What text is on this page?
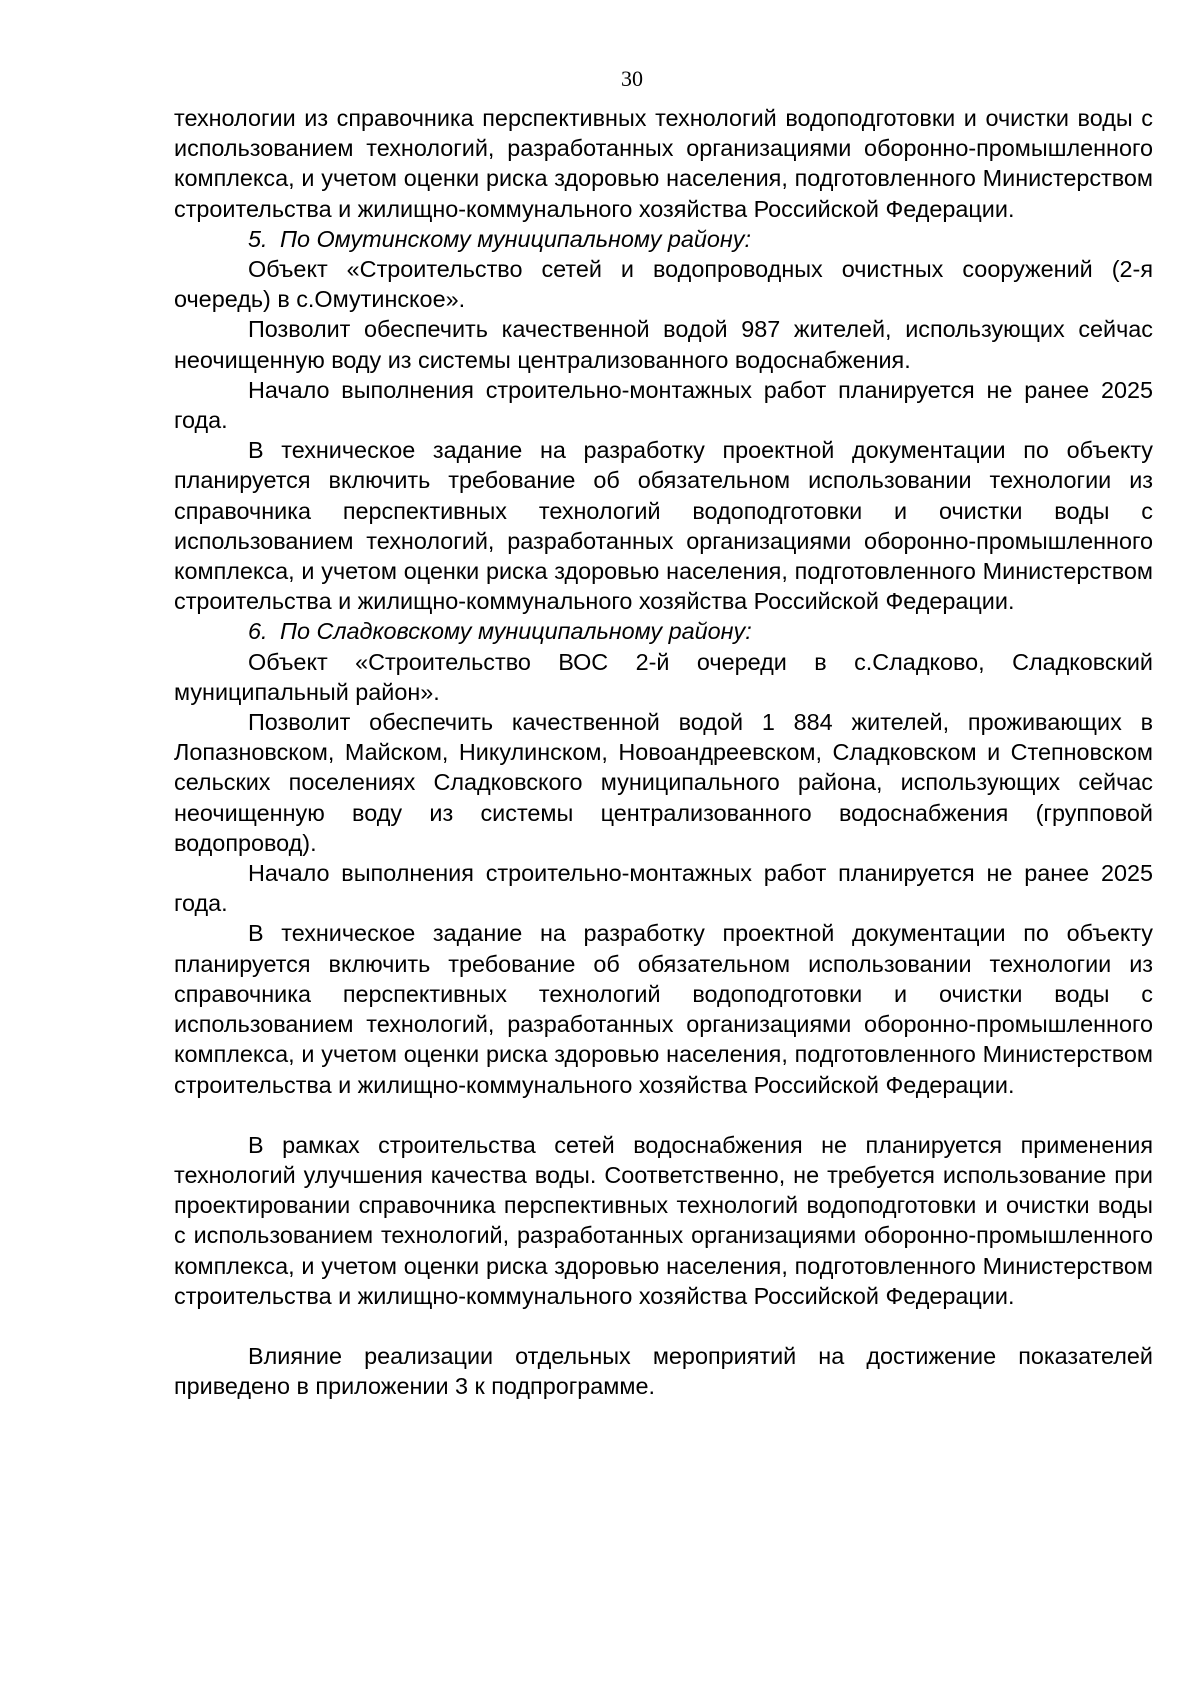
30

технологии из справочника перспективных технологий водоподготовки и очистки воды с использованием технологий, разработанных организациями оборонно-промышленного комплекса, и учетом оценки риска здоровью населения, подготовленного Министерством строительства и жилищно-коммунального хозяйства Российской Федерации.

5. По Омутинскому муниципальному району:

Объект «Строительство сетей и водопроводных очистных сооружений (2-я очередь) в с.Омутинское».

Позволит обеспечить качественной водой 987 жителей, использующих сейчас неочищенную воду из системы централизованного водоснабжения.

Начало выполнения строительно-монтажных работ планируется не ранее 2025 года.

В техническое задание на разработку проектной документации по объекту планируется включить требование об обязательном использовании технологии из справочника перспективных технологий водоподготовки и очистки воды с использованием технологий, разработанных организациями оборонно-промышленного комплекса, и учетом оценки риска здоровью населения, подготовленного Министерством строительства и жилищно-коммунального хозяйства Российской Федерации.

6. По Сладковскому муниципальному району:

Объект «Строительство ВОС 2-й очереди в с.Сладково, Сладковский муниципальный район».

Позволит обеспечить качественной водой 1 884 жителей, проживающих в Лопазновском, Майском, Никулинском, Новоандреевском, Сладковском и Степновском сельских поселениях Сладковского муниципального района, использующих сейчас неочищенную воду из системы централизованного водоснабжения (групповой водопровод).

Начало выполнения строительно-монтажных работ планируется не ранее 2025 года.

В техническое задание на разработку проектной документации по объекту планируется включить требование об обязательном использовании технологии из справочника перспективных технологий водоподготовки и очистки воды с использованием технологий, разработанных организациями оборонно-промышленного комплекса, и учетом оценки риска здоровью населения, подготовленного Министерством строительства и жилищно-коммунального хозяйства Российской Федерации.

В рамках строительства сетей водоснабжения не планируется применения технологий улучшения качества воды. Соответственно, не требуется использование при проектировании справочника перспективных технологий водоподготовки и очистки воды с использованием технологий, разработанных организациями оборонно-промышленного комплекса, и учетом оценки риска здоровью населения, подготовленного Министерством строительства и жилищно-коммунального хозяйства Российской Федерации.

Влияние реализации отдельных мероприятий на достижение показателей приведено в приложении 3 к подпрограмме.
